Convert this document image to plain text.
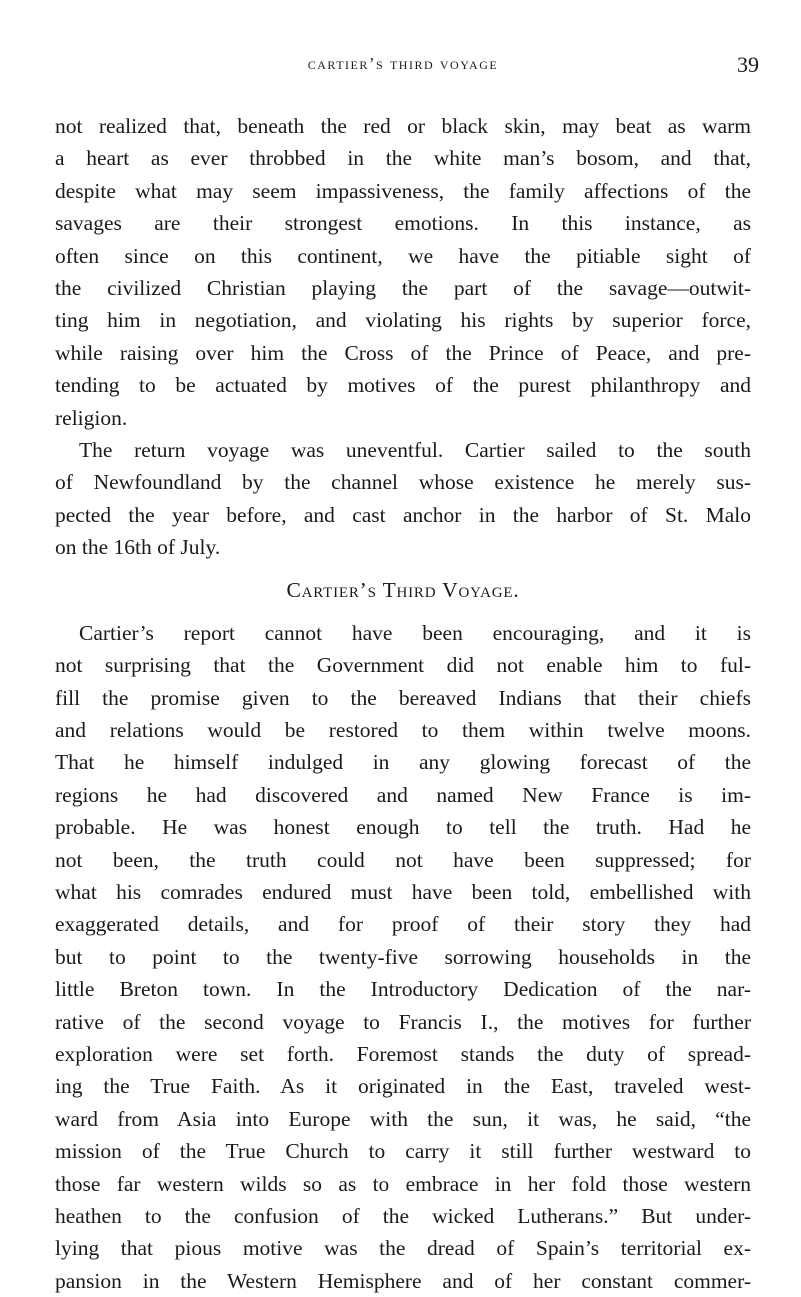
cartier’s third voyage	39
not realized that, beneath the red or black skin, may beat as warm
a heart as ever throbbed in the white man’s bosom, and that,
despite what may seem impassiveness, the family affections of the
savages are their strongest emotions. In this instance, as
often since on this continent, we have the pitiable sight of
the civilized Christian playing the part of the savage—outwit-
ting him in negotiation, and violating his rights by superior force,
while raising over him the Cross of the Prince of Peace, and pre-
tending to be actuated by motives of the purest philanthropy and
religion.
The return voyage was uneventful. Cartier sailed to the south
of Newfoundland by the channel whose existence he merely sus-
pected the year before, and cast anchor in the harbor of St. Malo
on the 16th of July.
Cartier’s Third Voyage.
Cartier’s report cannot have been encouraging, and it is
not surprising that the Government did not enable him to ful-
fill the promise given to the bereaved Indians that their chiefs
and relations would be restored to them within twelve moons.
That he himself indulged in any glowing forecast of the
regions he had discovered and named New France is im-
probable. He was honest enough to tell the truth. Had he
not been, the truth could not have been suppressed; for
what his comrades endured must have been told, embellished with
exaggerated details, and for proof of their story they had
but to point to the twenty-five sorrowing households in the
little Breton town. In the Introductory Dedication of the nar-
rative of the second voyage to Francis I., the motives for further
exploration were set forth. Foremost stands the duty of spread-
ing the True Faith. As it originated in the East, traveled west-
ward from Asia into Europe with the sun, it was, he said, “the
mission of the True Church to carry it still further westward to
those far western wilds so as to embrace in her fold those western
heathen to the confusion of the wicked Lutherans.” But under-
lying that pious motive was the dread of Spain’s territorial ex-
pansion in the Western Hemisphere and of her constant commer-
